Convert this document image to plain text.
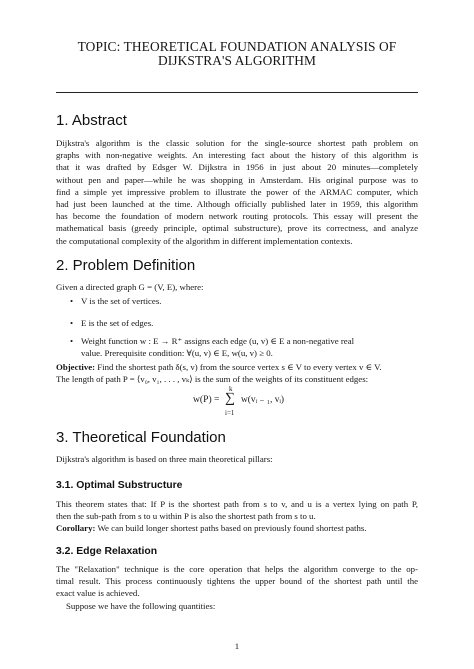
TOPIC: THEORETICAL FOUNDATION ANALYSIS OF
DIJKSTRA'S ALGORITHM
1. Abstract
Dijkstra's algorithm is the classic solution for the single-source shortest path problem on
graphs with non-negative weights. An interesting fact about the history of this algorithm is
that it was drafted by Edsger W. Dijkstra in 1956 in just about 20 minutes—completely
without pen and paper—while he was shopping in Amsterdam. His original purpose was to
find a simple yet impressive problem to illustrate the power of the ARMAC computer, which
had just been launched at the time. Although officially published later in 1959, this algorithm
has become the foundation of modern network routing protocols. This essay will present the
mathematical basis (greedy principle, optimal substructure), prove its correctness, and analyze
the computational complexity of the algorithm in different implementation contexts.
2. Problem Definition
Given a directed graph G = (V, E), where:
• V is the set of vertices.
• E is the set of edges.
• Weight function w : E → R⁺ assigns each edge (u, v) ∈ E a non-negative real
value. Prerequisite condition: ∀(u, v) ∈ E, w(u, v) ≥ 0.
Objective: Find the shortest path δ(s, v) from the source vertex s ∈ V to every vertex v ∈ V.
The length of path P = ⟨v₀, v₁, . . . , vₖ⟩ is the sum of the weights of its constituent edges:
w(P) =
k
∑
i=1
w(vᵢ ₋ ₁, vᵢ)
3. Theoretical Foundation
Dijkstra's algorithm is based on three main theoretical pillars:
3.1. Optimal Substructure
This theorem states that: If P is the shortest path from s to v, and u is a vertex lying on path P,
then the sub-path from s to u within P is also the shortest path from s to u.
Corollary: We can build longer shortest paths based on previously found shortest paths.
3.2. Edge Relaxation
The "Relaxation" technique is the core operation that helps the algorithm converge to the op-
timal result. This process continuously tightens the upper bound of the shortest path until the
exact value is achieved.
Suppose we have the following quantities:
1
